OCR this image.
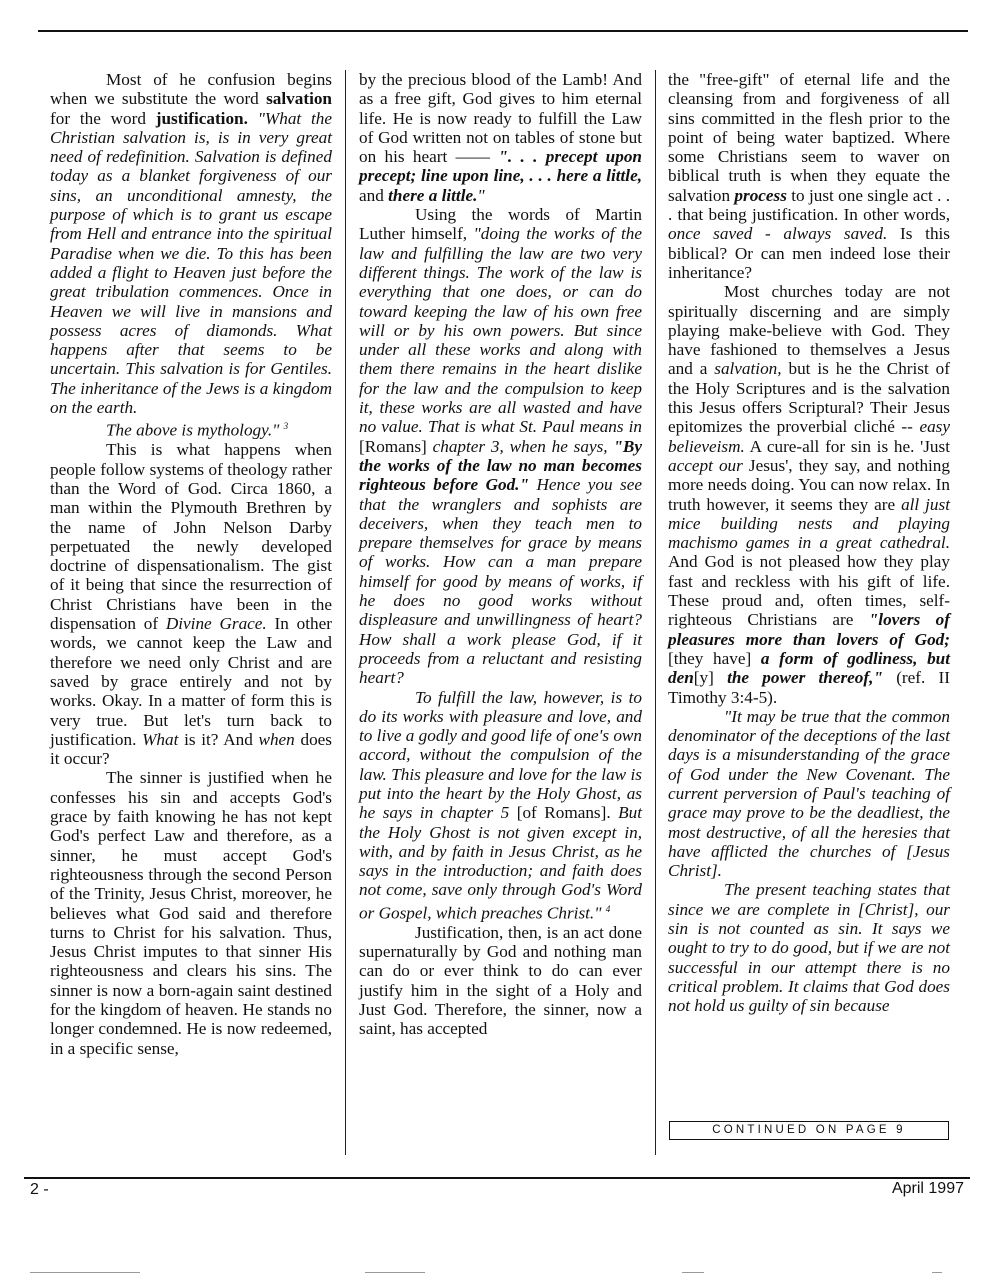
Most of he confusion begins when we substitute the word salvation for the word justification. "What the Christian salvation is, is in very great need of redefinition. Salvation is defined today as a blanket forgiveness of our sins, an unconditional amnesty, the purpose of which is to grant us escape from Hell and entrance into the spiritual Paradise when we die. To this has been added a flight to Heaven just before the great tribulation commences. Once in Heaven we will live in mansions and possess acres of diamonds. What happens after that seems to be uncertain. This salvation is for Gentiles. The inheritance of the Jews is a kingdom on the earth.

The above is mythology." $^3$

This is what happens when people follow systems of theology rather than the Word of God. Circa 1860, a man within the Plymouth Brethren by the name of John Nelson Darby perpetuated the newly developed doctrine of dispensationalism. The gist of it being that since the resurrection of Christ Christians have been in the dispensation of Divine Grace. In other words, we cannot keep the Law and therefore we need only Christ and are saved by grace entirely and not by works. Okay. In a matter of form this is very true. But let's turn back to justification. What is it? And when does it occur?

The sinner is justified when he confesses his sin and accepts God's grace by faith knowing he has not kept God's perfect Law and therefore, as a sinner, he must accept God's righteousness through the second Person of the Trinity, Jesus Christ, moreover, he believes what God said and therefore turns to Christ for his salvation. Thus, Jesus Christ imputes to that sinner His righteousness and clears his sins. The sinner is now a born-again saint destined for the kingdom of heaven. He stands no longer condemned. He is now redeemed, in a specific sense,

by the precious blood of the Lamb! And as a free gift, God gives to him eternal life. He is now ready to fulfill the Law of God written not on tables of stone but on his heart —— ". . . precept upon precept; line upon line, . . . here a little, and there a little."

Using the words of Martin Luther himself, "doing the works of the law and fulfilling the law are two very different things. The work of the law is everything that one does, or can do toward keeping the law of his own free will or by his own powers. But since under all these works and along with them there remains in the heart dislike for the law and the compulsion to keep it, these works are all wasted and have no value. That is what St. Paul means in [Romans] chapter 3, when he says, "By the works of the law no man becomes righteous before God." Hence you see that the wranglers and sophists are deceivers, when they teach men to prepare themselves for grace by means of works. How can a man prepare himself for good by means of works, if he does no good works without displeasure and unwillingness of heart? How shall a work please God, if it proceeds from a reluctant and resisting heart?

To fulfill the law, however, is to do its works with pleasure and love, and to live a godly and good life of one's own accord, without the compulsion of the law. This pleasure and love for the law is put into the heart by the Holy Ghost, as he says in chapter 5 [of Romans]. But the Holy Ghost is not given except in, with, and by faith in Jesus Christ, as he says in the introduction; and faith does not come, save only through God's Word or Gospel, which preaches Christ." $^4$

Justification, then, is an act done supernaturally by God and nothing man can do or ever think to do can ever justify him in the sight of a Holy and Just God. Therefore, the sinner, now a saint, has accepted

the "free-gift" of eternal life and the cleansing from and forgiveness of all sins committed in the flesh prior to the point of being water baptized. Where some Christians seem to waver on biblical truth is when they equate the salvation process to just one single act . . . that being justification. In other words, once saved - always saved. Is this biblical? Or can men indeed lose their inheritance?

Most churches today are not spiritually discerning and are simply playing make-believe with God. They have fashioned to themselves a Jesus and a salvation, but is he the Christ of the Holy Scriptures and is the salvation this Jesus offers Scriptural? Their Jesus epitomizes the proverbial cliché -- easy believeism. A cure-all for sin is he. 'Just accept our Jesus', they say, and nothing more needs doing. You can now relax. In truth however, it seems they are all just mice building nests and playing machismo games in a great cathedral. And God is not pleased how they play fast and reckless with his gift of life. These proud and, often times, self-righteous Christians are "lovers of pleasures more than lovers of God; [they have] a form of godliness, but den[y] the power thereof," (ref. II Timothy 3:4-5).

"It may be true that the common denominator of the deceptions of the last days is a misunderstanding of the grace of God under the New Covenant. The current perversion of Paul's teaching of grace may prove to be the deadliest, the most destructive, of all the heresies that have afflicted the churches of [Jesus Christ].

The present teaching states that since we are complete in [Christ], our sin is not counted as sin. It says we ought to try to do good, but if we are not successful in our attempt there is no critical problem. It claims that God does not hold us guilty of sin because

CONTINUED ON PAGE 9
2 -	April 1997
